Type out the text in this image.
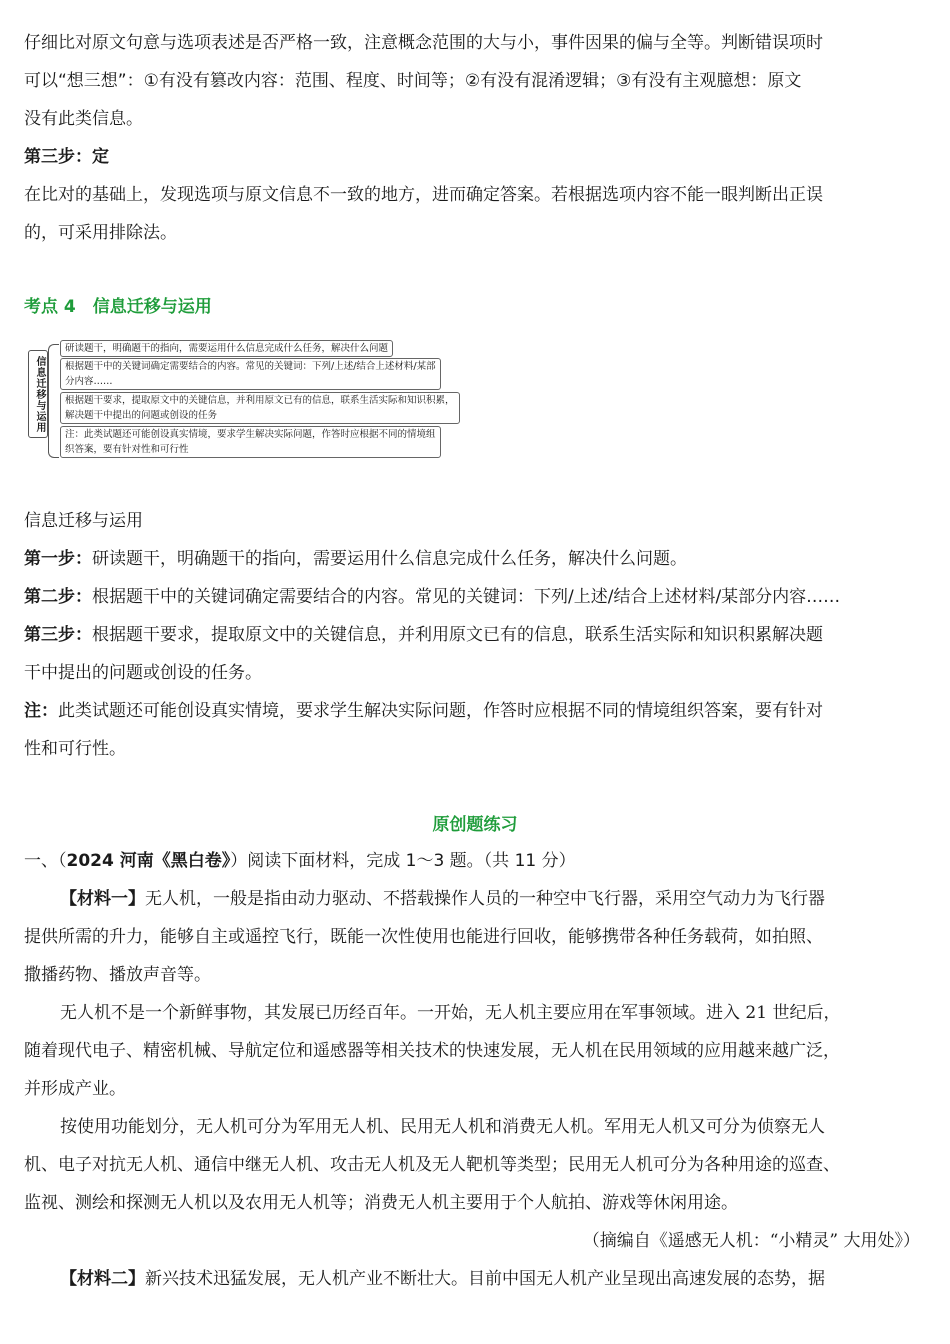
仔细比对原文句意与选项表述是否严格一致，注意概念范围的大与小，事件因果的偏与全等。判断错误项时
可以“想三想”：①有没有篡改内容：范围、程度、时间等；②有没有混淆逻辑；③有没有主观臆想：原文
没有此类信息。
第三步：定
在比对的基础上，发现选项与原文信息不一致的地方，进而确定答案。若根据选项内容不能一眼判断出正误
的，可采用排除法。
考点 4　信息迁移与运用
信息迁移与运用
研读题干，明确题干的指向，需要运用什么信息完成什么任务，解决什么问题
根据题干中的关键词确定需要结合的内容。常见的关键词：下列/上述/结合上述材料/某部
分内容……
根据题干要求，提取原文中的关键信息，并利用原文已有的信息，联系生活实际和知识积累，
解决题干中提出的问题或创设的任务
注：此类试题还可能创设真实情境，要求学生解决实际问题，作答时应根据不同的情境组
织答案，要有针对性和可行性
信息迁移与运用
第一步：研读题干，明确题干的指向，需要运用什么信息完成什么任务，解决什么问题。
第二步：根据题干中的关键词确定需要结合的内容。常见的关键词：下列/上述/结合上述材料/某部分内容……
第三步：根据题干要求，提取原文中的关键信息，并利用原文已有的信息，联系生活实际和知识积累解决题
干中提出的问题或创设的任务。
注：此类试题还可能创设真实情境，要求学生解决实际问题，作答时应根据不同的情境组织答案，要有针对
性和可行性。
原创题练习
一、（2024 河南《黑白卷》）阅读下面材料，完成 1～3 题。（共 11 分）
【材料一】无人机，一般是指由动力驱动、不搭载操作人员的一种空中飞行器，采用空气动力为飞行器
提供所需的升力，能够自主或遥控飞行，既能一次性使用也能进行回收，能够携带各种任务载荷，如拍照、
撒播药物、播放声音等。
无人机不是一个新鲜事物，其发展已历经百年。一开始，无人机主要应用在军事领域。进入 21 世纪后，
随着现代电子、精密机械、导航定位和遥感器等相关技术的快速发展，无人机在民用领域的应用越来越广泛，
并形成产业。
按使用功能划分，无人机可分为军用无人机、民用无人机和消费无人机。军用无人机又可分为侦察无人
机、电子对抗无人机、通信中继无人机、攻击无人机及无人靶机等类型；民用无人机可分为各种用途的巡查、
监视、测绘和探测无人机以及农用无人机等；消费无人机主要用于个人航拍、游戏等休闲用途。
（摘编自《遥感无人机：“小精灵” 大用处》）
【材料二】新兴技术迅猛发展，无人机产业不断壮大。目前中国无人机产业呈现出高速发展的态势，据
